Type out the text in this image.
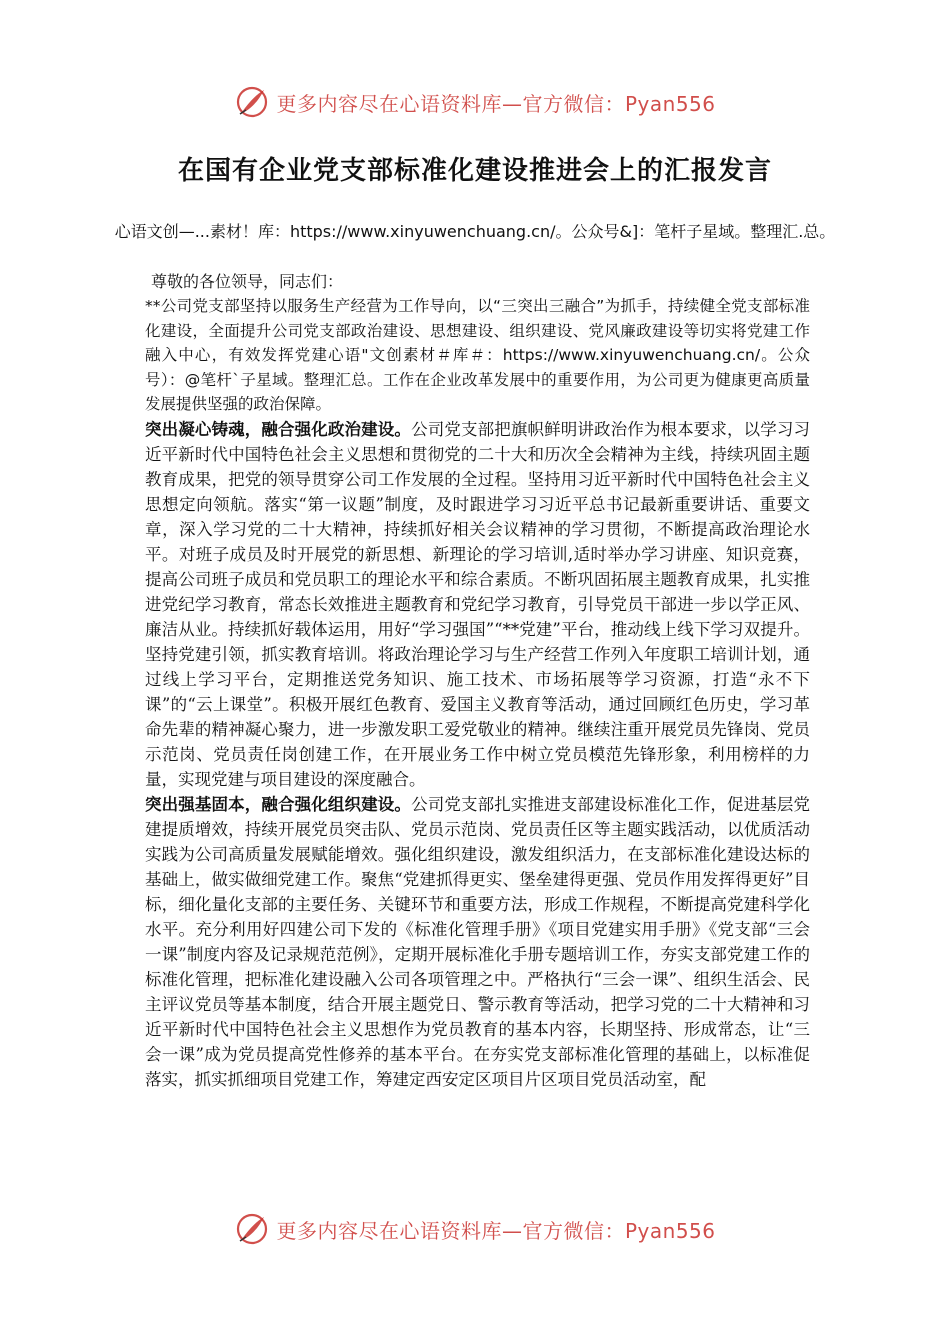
更多内容尽在心语资料库—官方微信：Pyan556
在国有企业党支部标准化建设推进会上的汇报发言
心语文创—...素材！库：https://www.xinyuwenchuang.cn/。公众号&]：笔杆子星域。整理汇.总。
尊敬的各位领导，同志们：
**公司党支部坚持以服务生产经营为工作导向，以“三突出三融合”为抓手，持续健全党支部标准化建设，全面提升公司党支部政治建设、思想建设、组织建设、党风廉政建设等切实将党建工作融入中心，有效发挥党建心语"文创素材＃库＃：https://www.xinyuwenchuang.cn/。公众号）：@笔杆`子星域。整理汇总。工作在企业改革发展中的重要作用，为公司更为健康更高质量发展提供坚强的政治保障。

突出凝心铸魂，融合强化政治建设。公司党支部把旗帜鲜明讲政治作为根本要求，以学习习近平新时代中国特色社会主义思想和贯彻党的二十大和历次全会精神为主线，持续巩固主题教育成果，把党的领导贯穿公司工作发展的全过程。坚持用习近平新时代中国特色社会主义思想定向领航。落实“第一议题”制度，及时跟进学习习近平总书记最新重要讲话、重要文章，深入学习党的二十大精神，持续抓好相关会议精神的学习贯彻，不断提高政治理论水平。对班子成员及时开展党的新思想、新理论的学习培训,适时举办学习讲座、知识竞赛，提高公司班子成员和党员职工的理论水平和综合素质。不断巩固拓展主题教育成果，扎实推进党纪学习教育，常态长效推进主题教育和党纪学习教育，引导党员干部进一步以学正风、廉洁从业。持续抓好载体运用，用好“学习强国”“**党建”平台，推动线上线下学习双提升。坚持党建引领，抓实教育培训。将政治理论学习与生产经营工作列入年度职工培训计划，通过线上学习平台，定期推送党务知识、施工技术、市场拓展等学习资源，打造“永不下课”的“云上课堂”。积极开展红色教育、爱国主义教育等活动，通过回顾红色历史，学习革命先辈的精神凝心聚力，进一步激发职工爱党敬业的精神。继续注重开展党员先锋岗、党员示范岗、党员责任岗创建工作，在开展业务工作中树立党员模范先锋形象，利用榜样的力量，实现党建与项目建设的深度融合。

突出强基固本，融合强化组织建设。公司党支部扎实推进支部建设标准化工作，促进基层党建提质增效，持续开展党员突击队、党员示范岗、党员责任区等主题实践活动，以优质活动实践为公司高质量发展赋能增效。强化组织建设，激发组织活力，在支部标准化建设达标的基础上，做实做细党建工作。聚焦“党建抓得更实、堡垒建得更强、党员作用发挥得更好”目标，细化量化支部的主要任务、关键环节和重要方法，形成工作规程，不断提高党建科学化水平。充分利用好四建公司下发的《标准化管理手册》《项目党建实用手册》《党支部“三会一课”制度内容及记录规范范例》，定期开展标准化手册专题培训工作，夯实支部党建工作的标准化管理，把标准化建设融入公司各项管理之中。严格执行“三会一课”、组织生活会、民主评议党员等基本制度，结合开展主题党日、警示教育等活动，把学习党的二十大精神和习近平新时代中国特色社会主义思想作为党员教育的基本内容，长期坚持、形成常态，让“三会一课”成为党员提高党性修养的基本平台。在夯实党支部标准化管理的基础上，以标准促落实，抓实抓细项目党建工作，筹建定西安定区项目片区项目党员活动室，配

更多内容尽在心语资料库—官方微信：Pyan556
